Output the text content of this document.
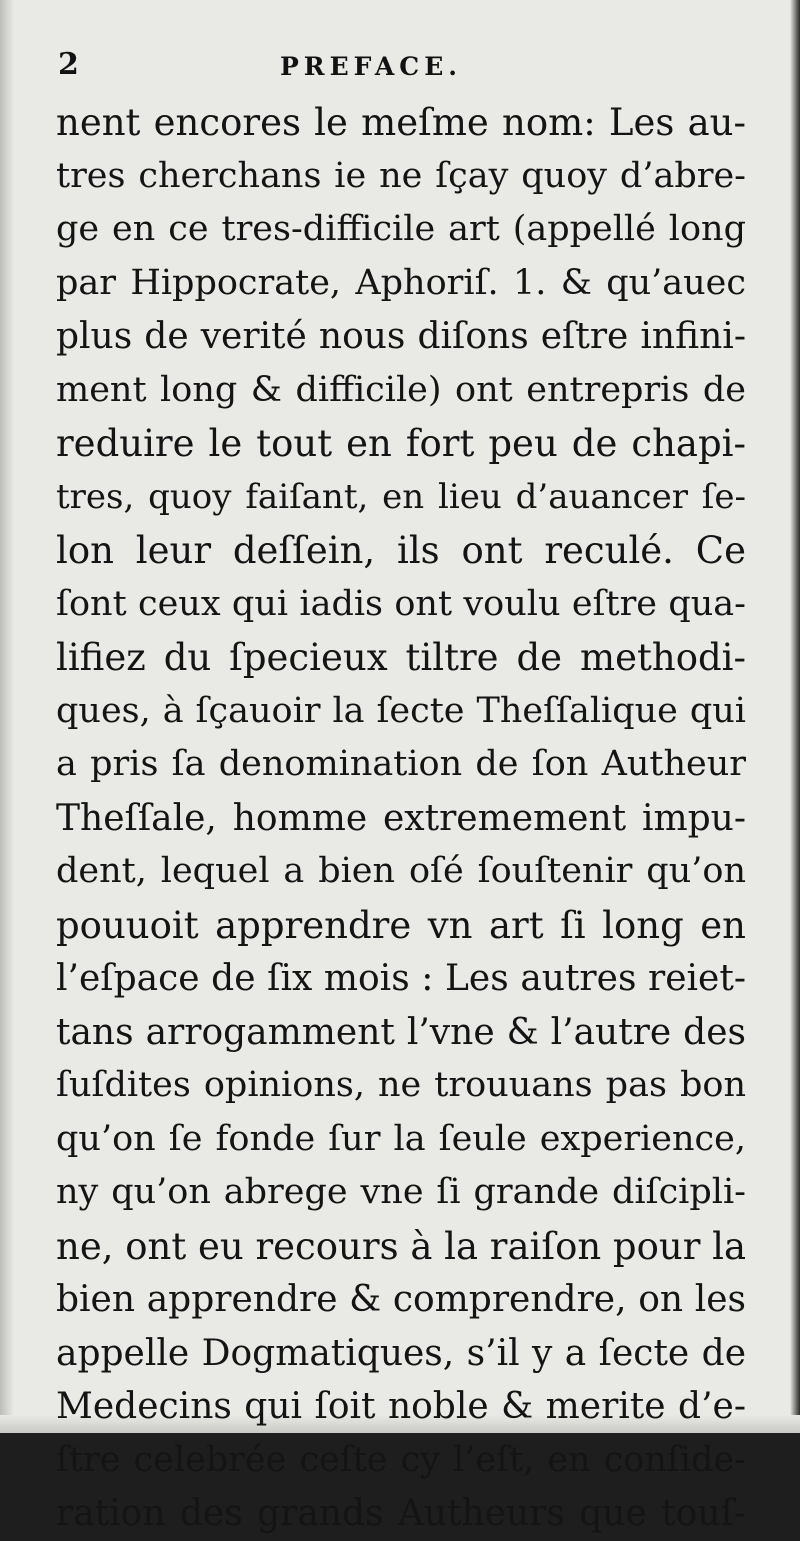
2	PREFACE.
nent encores le meſme nom: Les au-
tres cherchans ie ne ſçay quoy d’abre-
ge en ce tres-difficile art (appellé long
par Hippocrate, Aphoriſ. 1. & qu’auec
plus de verité nous diſons eſtre infini-
ment long & difficile) ont entrepris de
reduire le tout en fort peu de chapi-
tres, quoy faiſant, en lieu d’auancer ſe-
lon leur deſſein, ils ont reculé. Ce
ſont ceux qui iadis ont voulu eſtre qua-
lifiez du ſpecieux tiltre de methodi-
ques, à ſçauoir la ſecte Theſſalique qui
a pris ſa denomination de ſon Autheur
Theſſale, homme extremement impu-
dent, lequel a bien oſé ſouſtenir qu’on
pouuoit apprendre vn art ſi long en
l’eſpace de ſix mois : Les autres reiet-
tans arrogamment l’vne & l’autre des
ſuſdites opinions, ne trouuans pas bon
qu’on ſe fonde ſur la ſeule experience,
ny qu’on abrege vne ſi grande diſcipli-
ne, ont eu recours à la raiſon pour la
bien apprendre & comprendre, on les
appelle Dogmatiques, s’il y a ſecte de
Medecins qui ſoit noble & merite d’e-
ſtre celebrée ceſte cy l’eſt, en conſide-
ration des grands Autheurs que touſ-
